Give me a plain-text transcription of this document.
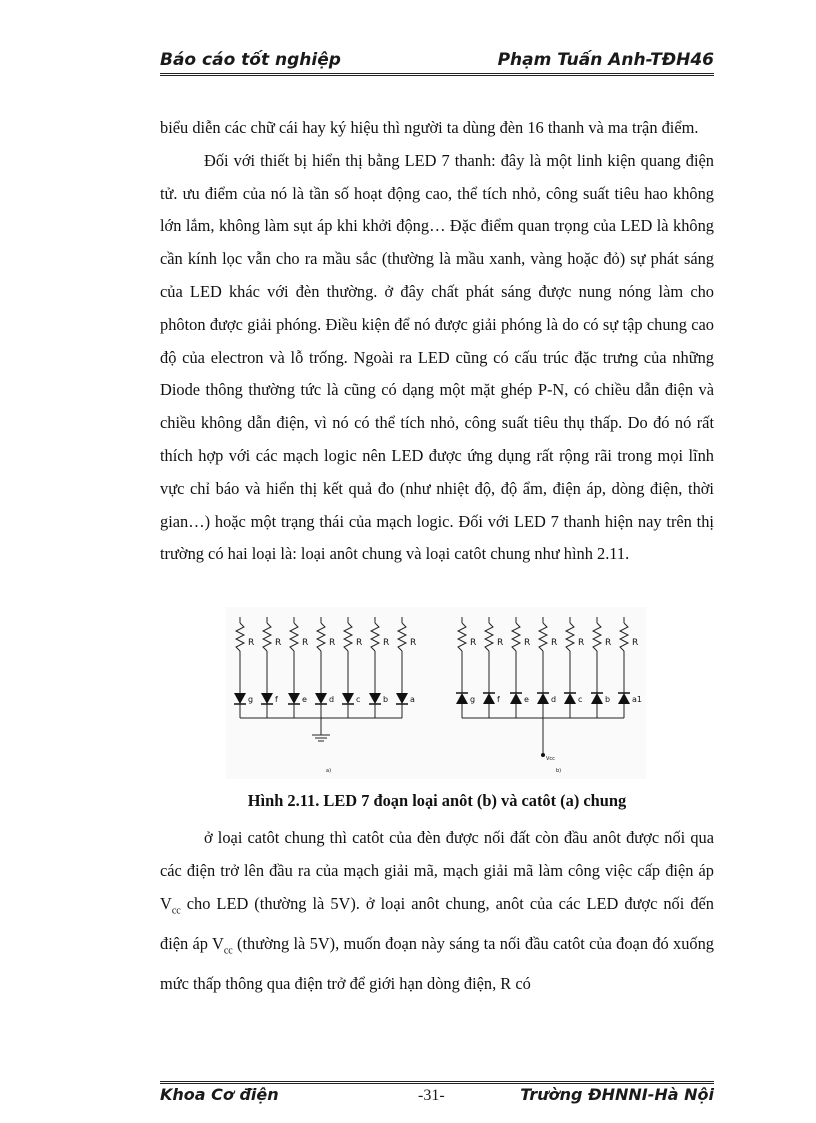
Báo cáo tốt nghiệp	Phạm Tuấn Anh-TĐH46

biểu diễn các chữ cái hay ký hiệu thì người ta dùng đèn 16 thanh và ma trận điểm.

Đối với thiết bị hiển thị bằng LED 7 thanh: đây là một linh kiện quang điện tử. ưu điểm của nó là tần số hoạt động cao, thể tích nhỏ, công suất tiêu hao không lớn lắm, không làm sụt áp khi khởi động… Đặc điểm quan trọng của LED là không cần kính lọc vẫn cho ra mầu sắc (thường là mầu xanh, vàng hoặc đỏ) sự phát sáng của LED khác với đèn thường. ở đây chất phát sáng được nung nóng làm cho phôton được giải phóng. Điều kiện để nó được giải phóng là do có sự tập chung cao độ của electron và lỗ trống. Ngoài ra LED cũng có cấu trúc đặc trưng của những Diode thông thường tức là cũng có dạng một mặt ghép P-N, có chiều dẫn điện và chiều không dẫn điện, vì nó có thể tích nhỏ, công suất tiêu thụ thấp. Do đó nó rất thích hợp với các mạch logic nên LED được ứng dụng rất rộng rãi trong mọi lĩnh vực chỉ báo và hiển thị kết quả đo (như nhiệt độ, độ ẩm, điện áp, dòng điện, thời gian…) hoặc một trạng thái của mạch logic. Đối với LED 7 thanh hiện nay trên thị trường có hai loại là: loại anôt chung và loại catôt chung như hình 2.11.

R
g
R
f
R
e
R
d
R
c
R
b
R
a
a)
R
g
R
f
R
e
R
d
R
c
R
b
R
a1
Vcc
b)
Hình 2.11. LED 7 đoạn loại anôt (b) và catôt (a) chung

ở loại catôt chung thì catôt của đèn được nối đất còn đầu anôt được nối qua các điện trở lên đầu ra của mạch giải mã, mạch giải mã làm công việc cấp điện áp $V_{cc}$ cho LED (thường là 5V). ở loại anôt chung, anôt của các LED được nối đến điện áp $V_{cc}$ (thường là 5V), muốn đoạn này sáng ta nối đầu catôt của đoạn đó xuống mức thấp thông qua điện trở để giới hạn dòng điện, R có

Khoa Cơ điện	-31-	Trường ĐHNNI-Hà Nội
